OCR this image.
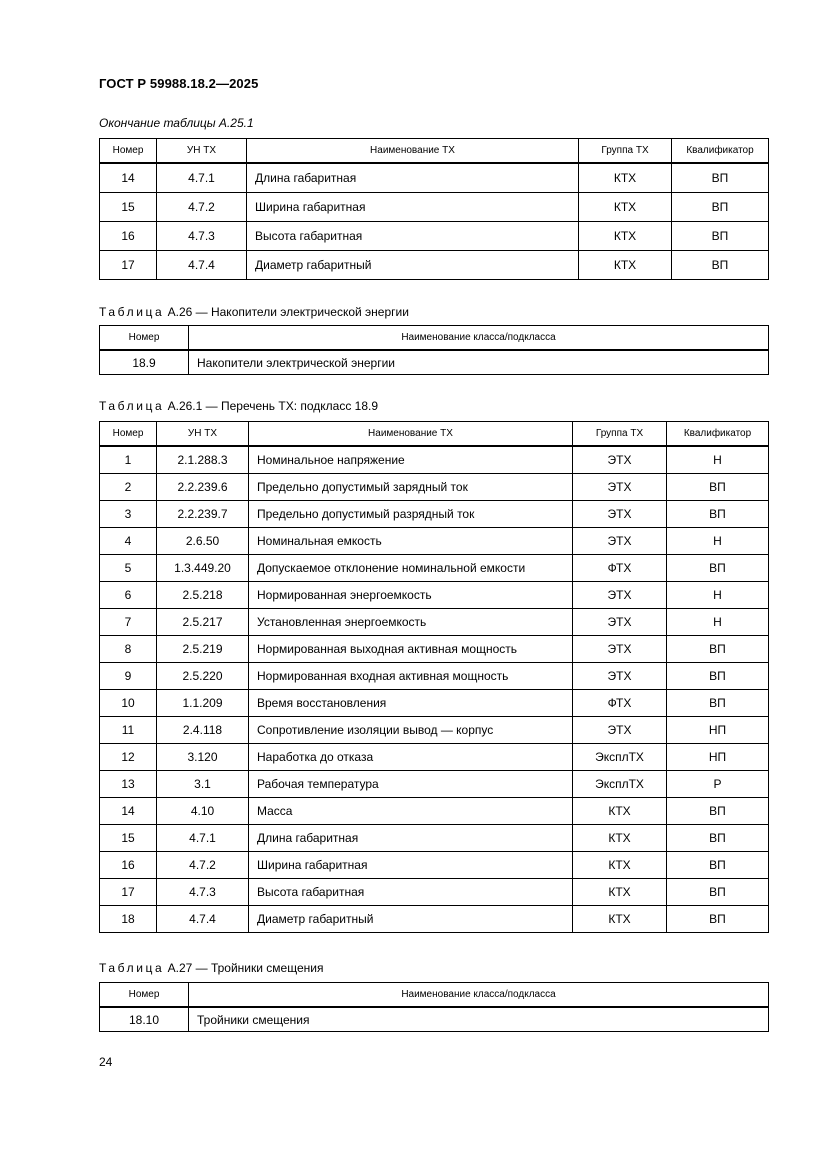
ГОСТ Р 59988.18.2—2025
Окончание таблицы А.25.1
Номер	УН ТХ	Наименование ТХ	Группа ТХ	Квалификатор
14	4.7.1	Длина габаритная	КТХ	ВП
15	4.7.2	Ширина габаритная	КТХ	ВП
16	4.7.3	Высота габаритная	КТХ	ВП
17	4.7.4	Диаметр габаритный	КТХ	ВП
Таблица А.26 — Накопители электрической энергии
Номер	Наименование класса/подкласса
18.9	Накопители электрической энергии
Таблица А.26.1 — Перечень ТХ: подкласс 18.9
Номер	УН ТХ	Наименование ТХ	Группа ТХ	Квалификатор
1	2.1.288.3	Номинальное напряжение	ЭТХ	Н
2	2.2.239.6	Предельно допустимый зарядный ток	ЭТХ	ВП
3	2.2.239.7	Предельно допустимый разрядный ток	ЭТХ	ВП
4	2.6.50	Номинальная емкость	ЭТХ	Н
5	1.3.449.20	Допускаемое отклонение номинальной емкости	ФТХ	ВП
6	2.5.218	Нормированная энергоемкость	ЭТХ	Н
7	2.5.217	Установленная энергоемкость	ЭТХ	Н
8	2.5.219	Нормированная выходная активная мощность	ЭТХ	ВП
9	2.5.220	Нормированная входная активная мощность	ЭТХ	ВП
10	1.1.209	Время восстановления	ФТХ	ВП
11	2.4.118	Сопротивление изоляции вывод — корпус	ЭТХ	НП
12	3.120	Наработка до отказа	ЭксплТХ	НП
13	3.1	Рабочая температура	ЭксплТХ	Р
14	4.10	Масса	КТХ	ВП
15	4.7.1	Длина габаритная	КТХ	ВП
16	4.7.2	Ширина габаритная	КТХ	ВП
17	4.7.3	Высота габаритная	КТХ	ВП
18	4.7.4	Диаметр габаритный	КТХ	ВП
Таблица А.27 — Тройники смещения
Номер	Наименование класса/подкласса
18.10	Тройники смещения
24
